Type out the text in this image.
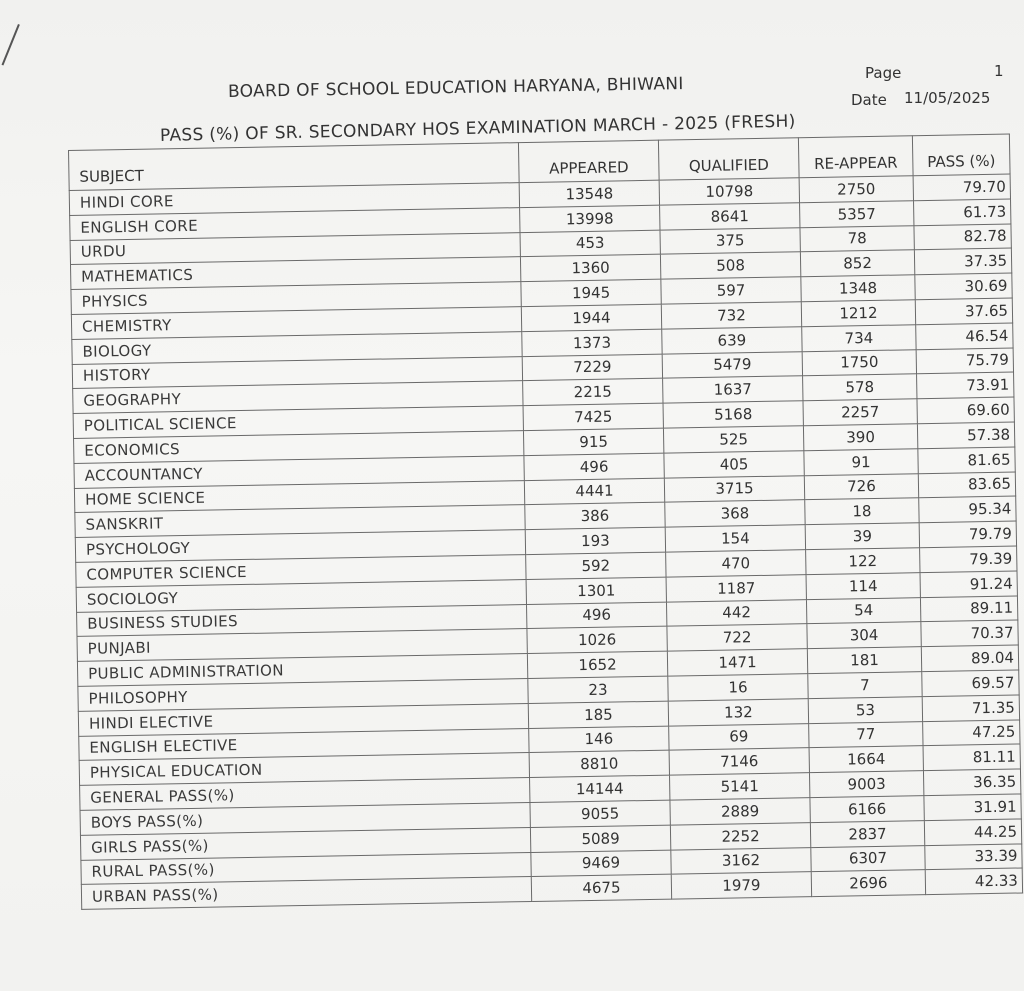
BOARD OF SCHOOL EDUCATION HARYANA, BHIWANI
Page	1
Date 11/05/2025
PASS (%) OF SR. SECONDARY HOS EXAMINATION MARCH - 2025 (FRESH)
SUBJECT	APPEARED	QUALIFIED	RE-APPEAR	PASS (%)
HINDI CORE	13548	10798	2750	79.70
ENGLISH CORE	13998	8641	5357	61.73
URDU	453	375	78	82.78
MATHEMATICS	1360	508	852	37.35
PHYSICS	1945	597	1348	30.69
CHEMISTRY	1944	732	1212	37.65
BIOLOGY	1373	639	734	46.54
HISTORY	7229	5479	1750	75.79
GEOGRAPHY	2215	1637	578	73.91
POLITICAL SCIENCE	7425	5168	2257	69.60
ECONOMICS	915	525	390	57.38
ACCOUNTANCY	496	405	91	81.65
HOME SCIENCE	4441	3715	726	83.65
SANSKRIT	386	368	18	95.34
PSYCHOLOGY	193	154	39	79.79
COMPUTER SCIENCE	592	470	122	79.39
SOCIOLOGY	1301	1187	114	91.24
BUSINESS STUDIES	496	442	54	89.11
PUNJABI	1026	722	304	70.37
PUBLIC ADMINISTRATION	1652	1471	181	89.04
PHILOSOPHY	23	16	7	69.57
HINDI ELECTIVE	185	132	53	71.35
ENGLISH ELECTIVE	146	69	77	47.25
PHYSICAL EDUCATION	8810	7146	1664	81.11
GENERAL PASS(%)	14144	5141	9003	36.35
BOYS PASS(%)	9055	2889	6166	31.91
GIRLS PASS(%)	5089	2252	2837	44.25
RURAL PASS(%)	9469	3162	6307	33.39
URBAN PASS(%)	4675	1979	2696	42.33
